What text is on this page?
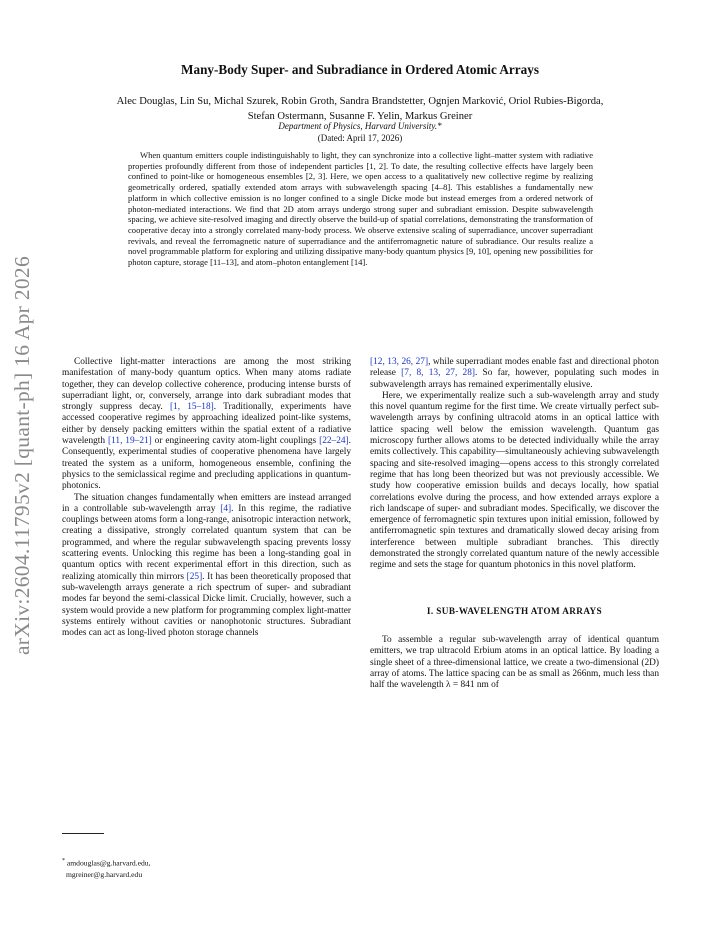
arXiv:2604.11795v2 [quant-ph] 16 Apr 2026
Many-Body Super- and Subradiance in Ordered Atomic Arrays
Alec Douglas, Lin Su, Michal Szurek, Robin Groth, Sandra Brandstetter, Ognjen Marković, Oriol Rubies-Bigorda, Stefan Ostermann, Susanne F. Yelin, Markus Greiner
Department of Physics, Harvard University.*
(Dated: April 17, 2026)
When quantum emitters couple indistinguishably to light, they can synchronize into a collective light–matter system with radiative properties profoundly different from those of independent particles [1, 2]. To date, the resulting collective effects have largely been confined to point-like or homogeneous ensembles [2, 3]. Here, we open access to a qualitatively new collective regime by realizing geometrically ordered, spatially extended atom arrays with subwavelength spacing [4–8]. This establishes a fundamentally new platform in which collective emission is no longer confined to a single Dicke mode but instead emerges from a ordered network of photon-mediated interactions. We find that 2D atom arrays undergo strong super and subradiant emission. Despite subwavelength spacing, we achieve site-resolved imaging and directly observe the build-up of spatial correlations, demonstrating the transformation of cooperative decay into a strongly correlated many-body process. We observe extensive scaling of superradiance, uncover superradiant revivals, and reveal the ferromagnetic nature of superradiance and the antiferromagnetic nature of subradiance. Our results realize a novel programmable platform for exploring and utilizing dissipative many-body quantum physics [9, 10], opening new possibilities for photon capture, storage [11–13], and atom–photon entanglement [14].

Collective light-matter interactions are among the most striking manifestation of many-body quantum optics. When many atoms radiate together, they can develop collective coherence, producing intense bursts of superradiant light, or, conversely, arrange into dark subradiant modes that strongly suppress decay. [1, 15–18]. Traditionally, experiments have accessed cooperative regimes by approaching idealized point-like systems, either by densely packing emitters within the spatial extent of a radiative wavelength [11, 19–21] or engineering cavity atom-light couplings [22–24]. Consequently, experimental studies of cooperative phenomena have largely treated the system as a uniform, homogeneous ensemble, confining the physics to the semiclassical regime and precluding applications in quantum-photonics.

The situation changes fundamentally when emitters are instead arranged in a controllable sub-wavelength array [4]. In this regime, the radiative couplings between atoms form a long-range, anisotropic interaction network, creating a dissipative, strongly correlated quantum system that can be programmed, and where the regular subwavelength spacing prevents lossy scattering events. Unlocking this regime has been a long-standing goal in quantum optics with recent experimental effort in this direction, such as realizing atomically thin mirrors [25]. It has been theoretically proposed that sub-wavelength arrays generate a rich spectrum of super- and subradiant modes far beyond the semi-classical Dicke limit. Crucially, however, such a system would provide a new platform for programming complex light-matter systems entirely without cavities or nanophotonic structures. Subradiant modes can act as long-lived photon storage channels

[12, 13, 26, 27], while superradiant modes enable fast and directional photon release [7, 8, 13, 27, 28]. So far, however, populating such modes in subwavelength arrays has remained experimentally elusive.

Here, we experimentally realize such a sub-wavelength array and study this novel quantum regime for the first time. We create virtually perfect sub-wavelength arrays by confining ultracold atoms in an optical lattice with lattice spacing well below the emission wavelength. Quantum gas microscopy further allows atoms to be detected individually while the array emits collectively. This capability—simultaneously achieving subwavelength spacing and site-resolved imaging—opens access to this strongly correlated regime that has long been theorized but was not previously accessible. We study how cooperative emission builds and decays locally, how spatial correlations evolve during the process, and how extended arrays explore a rich landscape of super- and subradiant modes. Specifically, we discover the emergence of ferromagnetic spin textures upon initial emission, followed by antiferromagnetic spin textures and dramatically slowed decay arising from interference between multiple subradiant branches. This directly demonstrated the strongly correlated quantum nature of the newly accessible regime and sets the stage for quantum photonics in this novel platform.

I. SUB-WAVELENGTH ATOM ARRAYS

To assemble a regular sub-wavelength array of identical quantum emitters, we trap ultracold Erbium atoms in an optical lattice. By loading a single sheet of a three-dimensional lattice, we create a two-dimensional (2D) array of atoms. The lattice spacing can be as small as 266nm, much less than half the wavelength λ = 841 nm of

* amdouglas@g.harvard.edu,
mgreiner@g.harvard.edu
